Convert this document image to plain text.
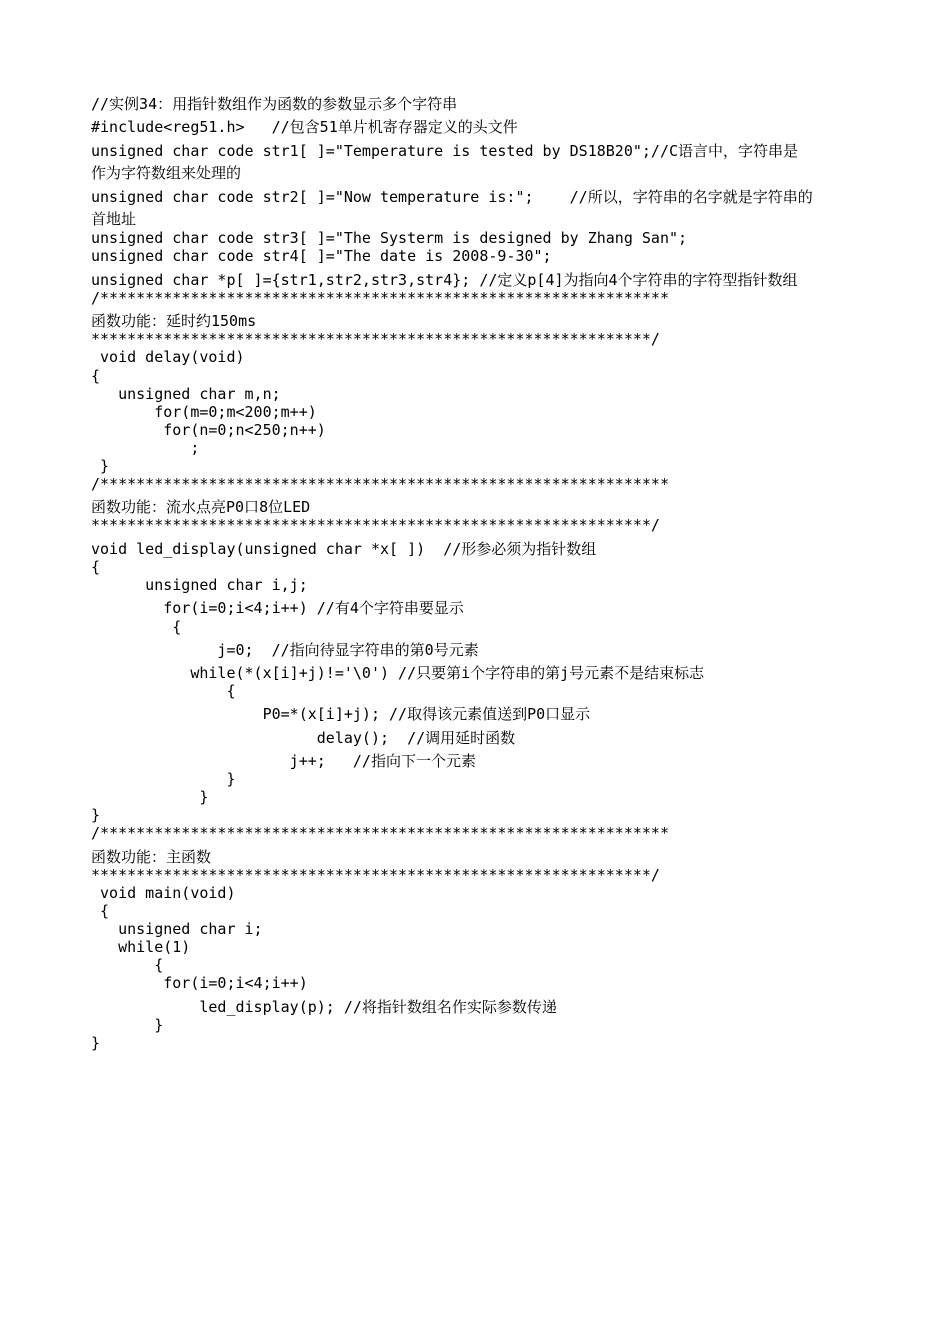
//实例34：用指针数组作为函数的参数显示多个字符串
#include<reg51.h>   //包含51单片机寄存器定义的头文件
unsigned char code str1[ ]="Temperature is tested by DS18B20";//C语言中，字符串是
作为字符数组来处理的
unsigned char code str2[ ]="Now temperature is:";    //所以，字符串的名字就是字符串的
首地址
unsigned char code str3[ ]="The Systerm is designed by Zhang San";
unsigned char code str4[ ]="The date is 2008-9-30";
unsigned char *p[ ]={str1,str2,str3,str4}; //定义p[4]为指向4个字符串的字符型指针数组
/***************************************************************
函数功能：延时约150ms
**************************************************************/
void delay(void)
{
unsigned char m,n;
for(m=0;m<200;m++)
for(n=0;n<250;n++)
;
}
/***************************************************************
函数功能：流水点亮P0口8位LED
**************************************************************/
void led_display(unsigned char *x[ ])  //形参必须为指针数组
{
unsigned char i,j;
for(i=0;i<4;i++) //有4个字符串要显示
{
j=0;  //指向待显字符串的第0号元素
while(*(x[i]+j)!='\0') //只要第i个字符串的第j号元素不是结束标志
{
P0=*(x[i]+j); //取得该元素值送到P0口显示
delay();  //调用延时函数
j++;   //指向下一个元素
}
}
}
/***************************************************************
函数功能：主函数
**************************************************************/
void main(void)
{
unsigned char i;
while(1)
{
for(i=0;i<4;i++)
led_display(p); //将指针数组名作实际参数传递
}
}
